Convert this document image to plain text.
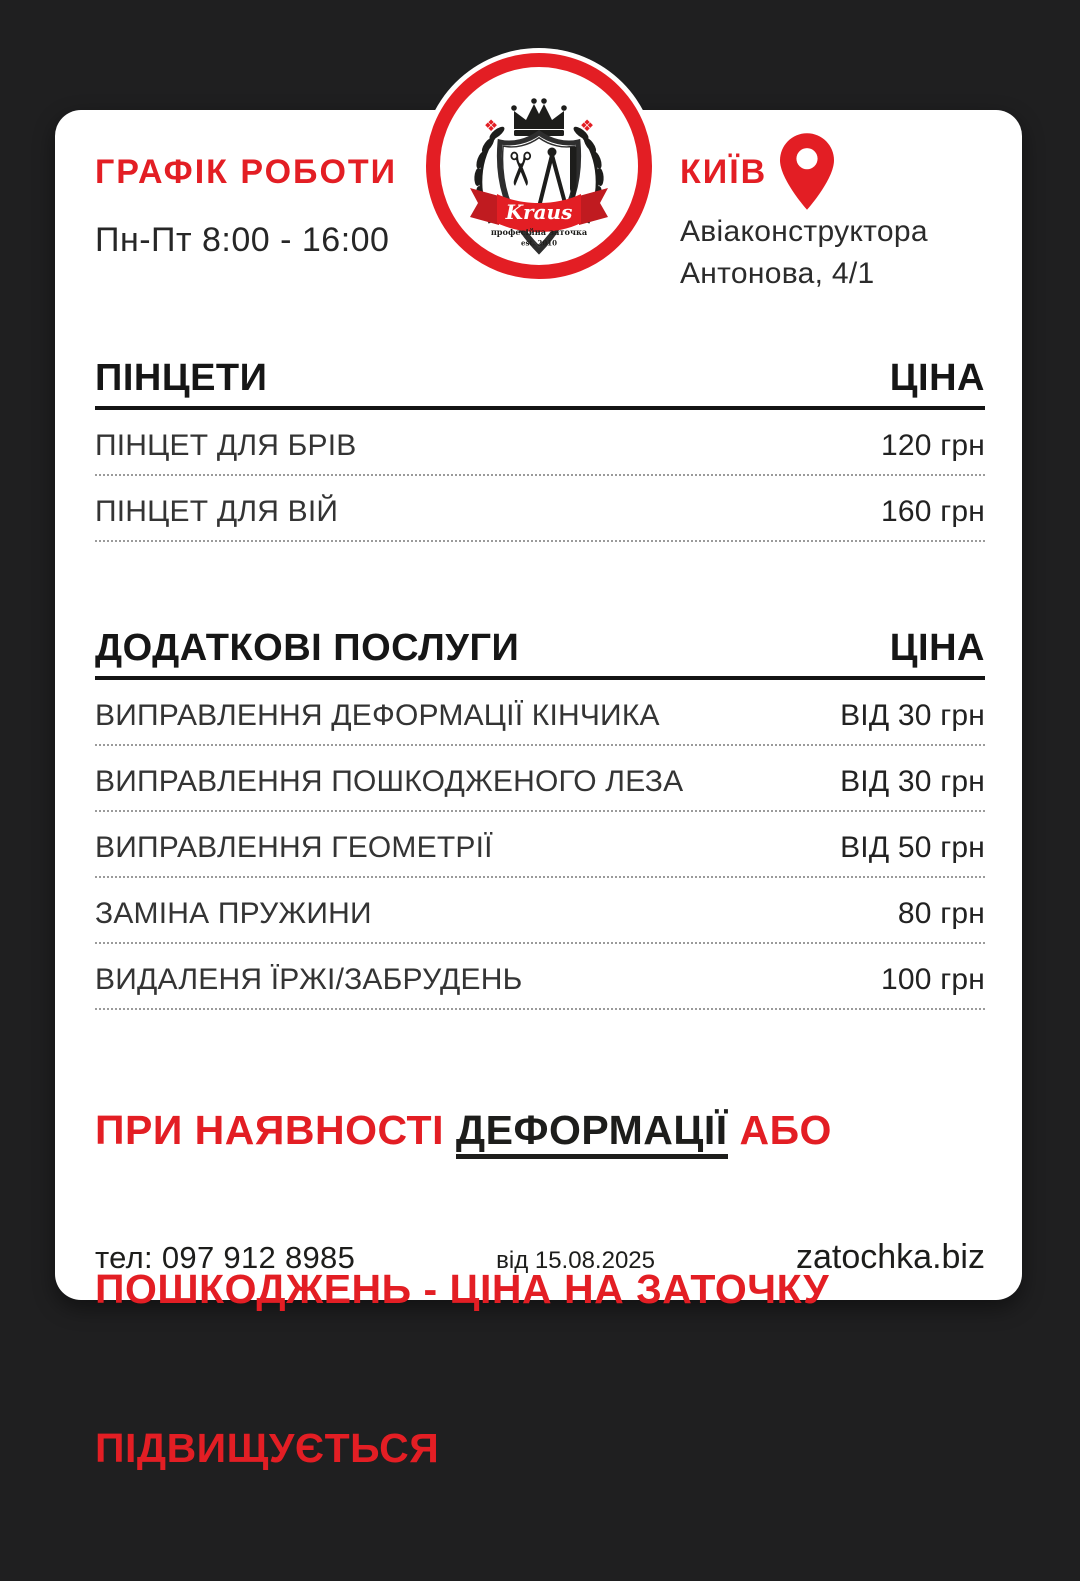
❖	❖
✂
Kraus
професійна заточка
est. 2010
ГРАФІК РОБОТИ
Пн-Пт 8:00 - 16:00
КИЇВ
Авіаконструктора
Антонова, 4/1
ПІНЦЕТИ	ЦІНА
ПІНЦЕТ ДЛЯ БРІВ	120 грн
ПІНЦЕТ ДЛЯ ВІЙ	160 грн
ДОДАТКОВІ ПОСЛУГИ	ЦІНА
ВИПРАВЛЕННЯ ДЕФОРМАЦІЇ КІНЧИКА	ВІД 30 грн
ВИПРАВЛЕННЯ ПОШКОДЖЕНОГО ЛЕЗА	ВІД 30 грн
ВИПРАВЛЕННЯ ГЕОМЕТРІЇ	ВІД 50 грн
ЗАМІНА ПРУЖИНИ	80 грн
ВИДАЛЕНЯ ЇРЖІ/ЗАБРУДЕНЬ	100 грн

ПРИ НАЯВНОСТІ ДЕФОРМАЦІЇ АБО

ПОШКОДЖЕНЬ - ЦІНА НА ЗАТОЧКУ

ПІДВИЩУЄТЬСЯ

тел: 097 912 8985	від 15.08.2025	zatochka.biz
